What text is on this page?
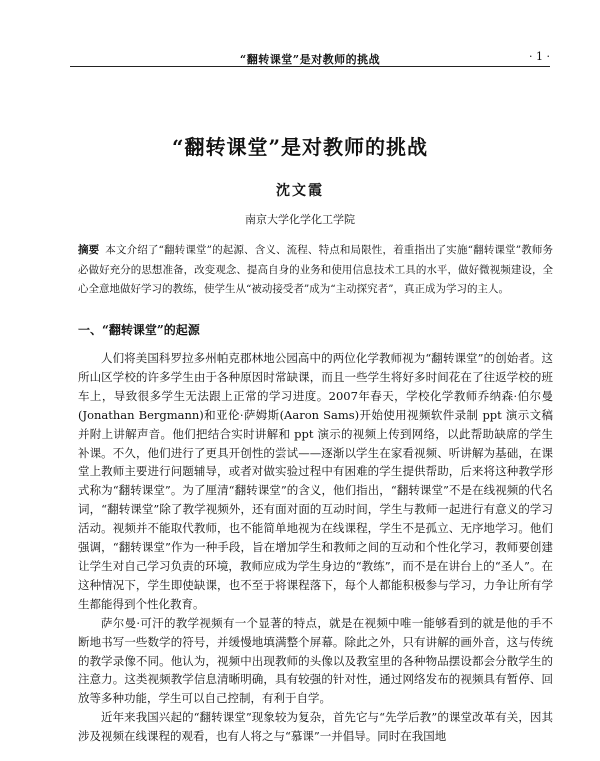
“翻转课堂”是对教师的挑战	· 1 ·
“翻转课堂”是对教师的挑战
沈文霞
南京大学化学化工学院
摘要 本文介绍了“翻转课堂”的起源、含义、流程、特点和局限性，着重指出了实施“翻转课堂”教师务必做好充分的思想准备，改变观念、提高自身的业务和使用信息技术工具的水平，做好微视频建设，全心全意地做好学习的教练，使学生从“被动接受者”成为“主动探究者”，真正成为学习的主人。
一、“翻转课堂”的起源

人们将美国科罗拉多州帕克郡林地公园高中的两位化学教师视为“翻转课堂”的创始者。这所山区学校的许多学生由于各种原因时常缺课，而且一些学生将好多时间花在了往返学校的班车上，导致很多学生无法跟上正常的学习进度。2007年春天，学校化学教师乔纳森·伯尔曼(Jonathan Bergmann)和亚伦·萨姆斯(Aaron Sams)开始使用视频软件录制 ppt 演示文稿并附上讲解声音。他们把结合实时讲解和 ppt 演示的视频上传到网络，以此帮助缺席的学生补课。不久，他们进行了更具开创性的尝试——逐渐以学生在家看视频、听讲解为基础，在课堂上教师主要进行问题辅导，或者对做实验过程中有困难的学生提供帮助，后来将这种教学形式称为“翻转课堂”。为了厘清“翻转课堂”的含义，他们指出，“翻转课堂”不是在线视频的代名词，“翻转课堂”除了教学视频外，还有面对面的互动时间，学生与教师一起进行有意义的学习活动。视频并不能取代教师，也不能简单地视为在线课程，学生不是孤立、无序地学习。他们强调，“翻转课堂”作为一种手段，旨在增加学生和教师之间的互动和个性化学习，教师要创建让学生对自己学习负责的环境，教师应成为学生身边的“教练”，而不是在讲台上的“圣人”。在这种情况下，学生即使缺课，也不至于将课程落下，每个人都能积极参与学习，力争让所有学生都能得到个性化教育。

萨尔曼·可汗的教学视频有一个显著的特点，就是在视频中唯一能够看到的就是他的手不断地书写一些数学的符号，并缓慢地填满整个屏幕。除此之外，只有讲解的画外音，这与传统的教学录像不同。他认为，视频中出现教师的头像以及教室里的各种物品摆设都会分散学生的注意力。这类视频教学信息清晰明确，具有较强的针对性，通过网络发布的视频具有暂停、回放等多种功能，学生可以自己控制，有利于自学。

近年来我国兴起的“翻转课堂”现象较为复杂，首先它与“先学后教”的课堂改革有关，因其涉及视频在线课程的观看，也有人将之与“慕课”一并倡导。同时在我国地
